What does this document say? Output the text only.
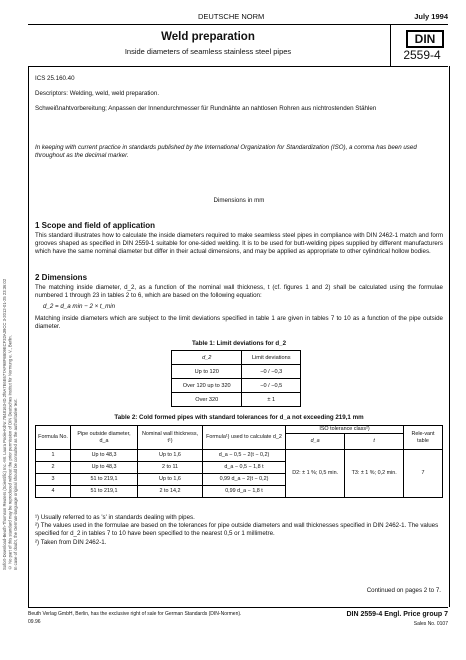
Sofort-Download-Beuth-Thomson Reuters (Scientific) Inc.-Mr. Laura Poole-KdNr.7848163-ID.2f6A7E6E677AF98F6B09ECF32A39CC 3-2012-01-25 23:36:02 © No part of this standard may be reproduced without the prior permission of DIN Deutsches Institut für Normung e. V., Berlin. In case of doubt, the German-language original should be consulted as the authoritative text.
DEUTSCHE NORM	July 1994
Weld preparation
Inside diameters of seamless stainless steel pipes
DIN
2559-4
ICS 25.160.40
Descriptors: Welding, weld, weld preparation.
Schweißnahtvorbereitung; Anpassen der Innendurchmesser für Rundnähte an nahtlosen Rohren aus nichtrostenden Stählen
In keeping with current practice in standards published by the International Organization for Standardization (ISO), a comma has been used throughout as the decimal marker.
Dimensions in mm
1 Scope and field of application
This standard illustrates how to calculate the inside diameters required to make seamless steel pipes in compliance with DIN 2462-1 match and form grooves shaped as specified in DIN 2559-1 suitable for one-sided welding. It is to be used for butt-welding pipes supplied by different manufacturers which have the same nominal diameter but differ in their actual dimensions, and may be applied as appropriate to other cylindrical hollow bodies.
2 Dimensions
The matching inside diameter, d_2, as a function of the nominal wall thickness, t (cf. figures 1 and 2) shall be calculated using the formulae numbered 1 through 23 in tables 2 to 6, which are based on the following equation:
d_2 = d_a min − 2 × t_min
Matching inside diameters which are subject to the limit deviations specified in table 1 are given in tables 7 to 10 as a function of the pipe outside diameter.
Table 1: Limit deviations for d_2
d_2	Limit deviations
Up to 120	−0 / −0,3
Over 120 up to 320	−0 / −0,5
Over 320	± 1
Table 2: Cold formed pipes with standard tolerances for d_a not exceeding 219,1 mm
Formula No.	Pipe outside diameter, d_a	Nominal wall thickness, t¹)	Formula¹) used to calculate d_2	ISO tolerance class²)		Rele-vant table
				d_a	t	
1	Up to 48,3	Up to 1,6	d_a − 0,5 − 2(t − 0,2)	D2: ± 1 %; 0,5 min.	T3: ± 1 %; 0,2 min.	7
2	Up to 48,3	2 to 11	d_a − 0,5 − 1,8 t			
3	51 to 219,1	Up to 1,6	0,99 d_a − 2(t − 0,2)			
4	51 to 219,1	2 to 14,2	0,99 d_a − 1,8 t			
¹) Usually referred to as 's' in standards dealing with pipes.
²) The values used in the formulae are based on the tolerances for pipe outside diameters and wall thicknesses specified in DIN 2462-1. The values specified for d_2 in tables 7 to 10 have been specified to the nearest 0,5 or 1 millimetre.
²) Taken from DIN 2462-1.
Continued on pages 2 to 7.
Beuth Verlag GmbH, Berlin, has the exclusive right of sale for German Standards (DIN-Normen).
09.96
DIN 2559-4 Engl. Price group 7
Sales No. 0107
